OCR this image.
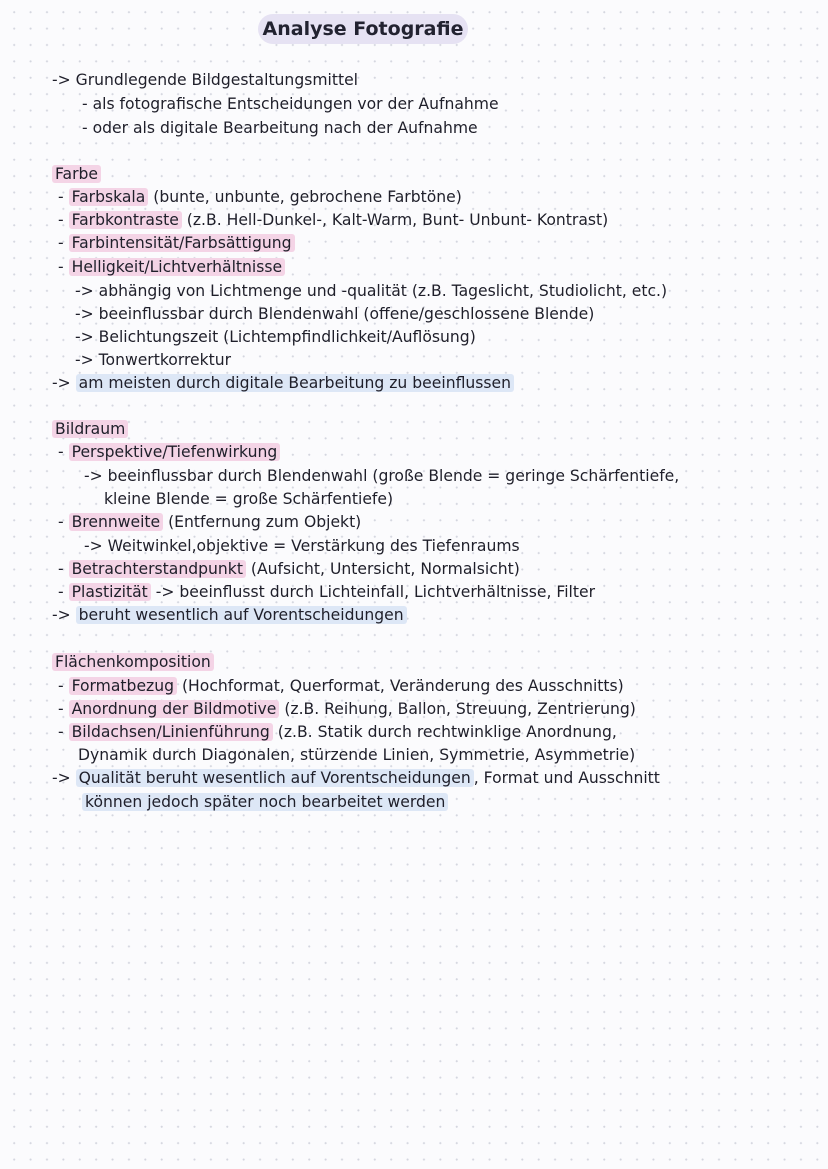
Analyse Fotografie
-> Grundlegende Bildgestaltungsmittel
- als fotografische Entscheidungen vor der Aufnahme
- oder als digitale Bearbeitung nach der Aufnahme
Farbe
- Farbskala (bunte, unbunte, gebrochene Farbtöne)
- Farbkontraste (z.B. Hell-Dunkel-, Kalt-Warm, Bunt- Unbunt- Kontrast)
- Farbintensität/Farbsättigung
- Helligkeit/Lichtverhältnisse
-> abhängig von Lichtmenge und -qualität (z.B. Tageslicht, Studiolicht, etc.)
-> beeinflussbar durch Blendenwahl (offene/geschlossene Blende)
-> Belichtungszeit (Lichtempfindlichkeit/Auflösung)
-> Tonwertkorrektur
-> am meisten durch digitale Bearbeitung zu beeinflussen
Bildraum
- Perspektive/Tiefenwirkung
-> beeinflussbar durch Blendenwahl (große Blende = geringe Schärfentiefe,
kleine Blende = große Schärfentiefe)
- Brennweite (Entfernung zum Objekt)
-> Weitwinkel,objektive = Verstärkung des Tiefenraums
- Betrachterstandpunkt (Aufsicht, Untersicht, Normalsicht)
- Plastizität -> beeinflusst durch Lichteinfall, Lichtverhältnisse, Filter
-> beruht wesentlich auf Vorentscheidungen
Flächenkomposition
- Formatbezug (Hochformat, Querformat, Veränderung des Ausschnitts)
- Anordnung der Bildmotive (z.B. Reihung, Ballon, Streuung, Zentrierung)
- Bildachsen/Linienführung (z.B. Statik durch rechtwinklige Anordnung,
Dynamik durch Diagonalen, stürzende Linien, Symmetrie, Asymmetrie)
-> Qualität beruht wesentlich auf Vorentscheidungen , Format und Ausschnitt
können jedoch später noch bearbeitet werden
